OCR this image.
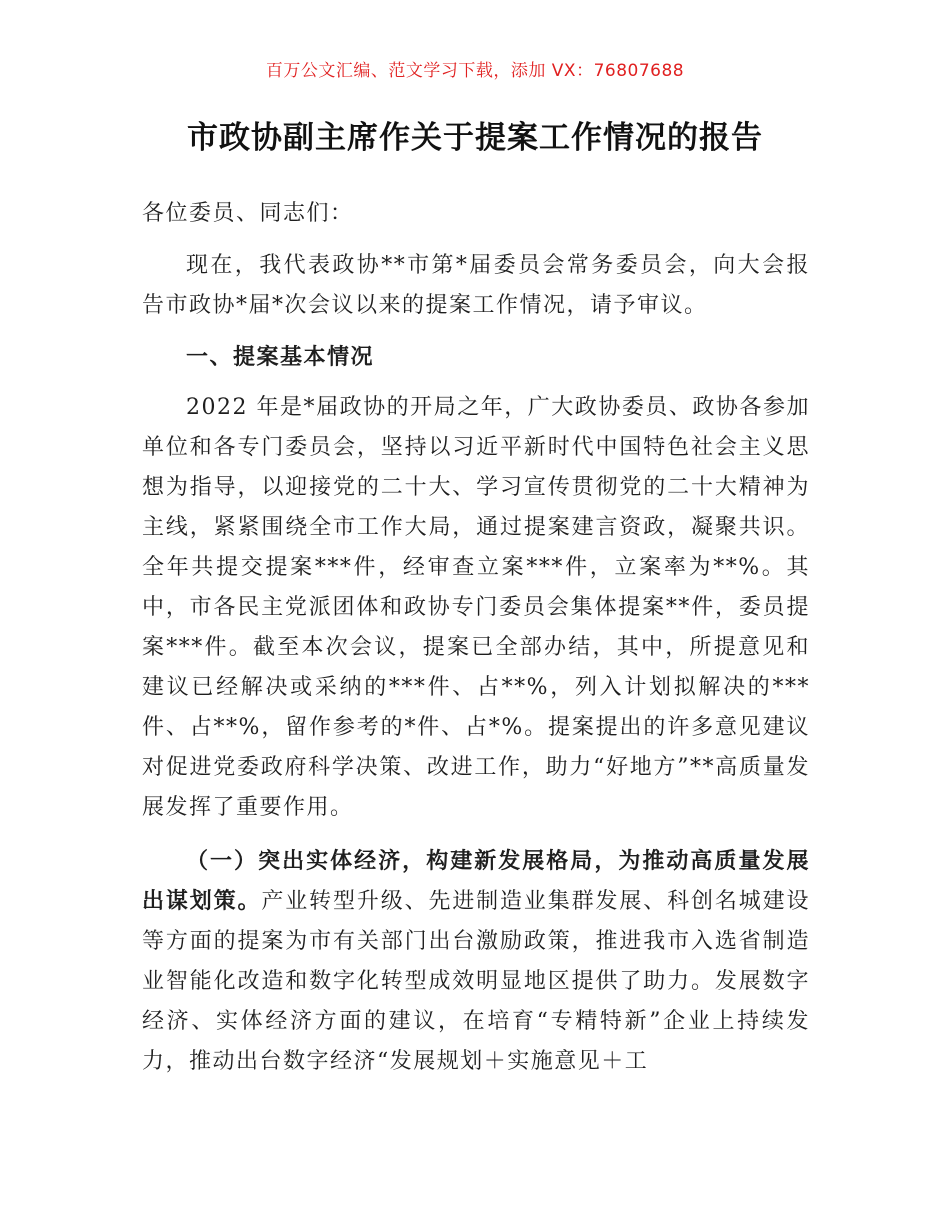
百万公文汇编、范文学习下载，添加 VX：76807688
市政协副主席作关于提案工作情况的报告

各位委员、同志们：

现在，我代表政协**市第*届委员会常务委员会，向大会报告市政协*届*次会议以来的提案工作情况，请予审议。

一、提案基本情况

2022 年是*届政协的开局之年，广大政协委员、政协各参加单位和各专门委员会，坚持以习近平新时代中国特色社会主义思想为指导，以迎接党的二十大、学习宣传贯彻党的二十大精神为主线，紧紧围绕全市工作大局，通过提案建言资政，凝聚共识。全年共提交提案***件，经审查立案***件，立案率为**%。其中，市各民主党派团体和政协专门委员会集体提案**件，委员提案***件。截至本次会议，提案已全部办结，其中，所提意见和建议已经解决或采纳的***件、占**%，列入计划拟解决的***件、占**%，留作参考的*件、占*%。提案提出的许多意见建议对促进党委政府科学决策、改进工作，助力“好地方”**高质量发展发挥了重要作用。

（一）突出实体经济，构建新发展格局，为推动高质量发展出谋划策。产业转型升级、先进制造业集群发展、科创名城建设等方面的提案为市有关部门出台激励政策，推进我市入选省制造业智能化改造和数字化转型成效明显地区提供了助力。发展数字经济、实体经济方面的建议，在培育“专精特新”企业上持续发力，推动出台数字经济“发展规划＋实施意见＋工
